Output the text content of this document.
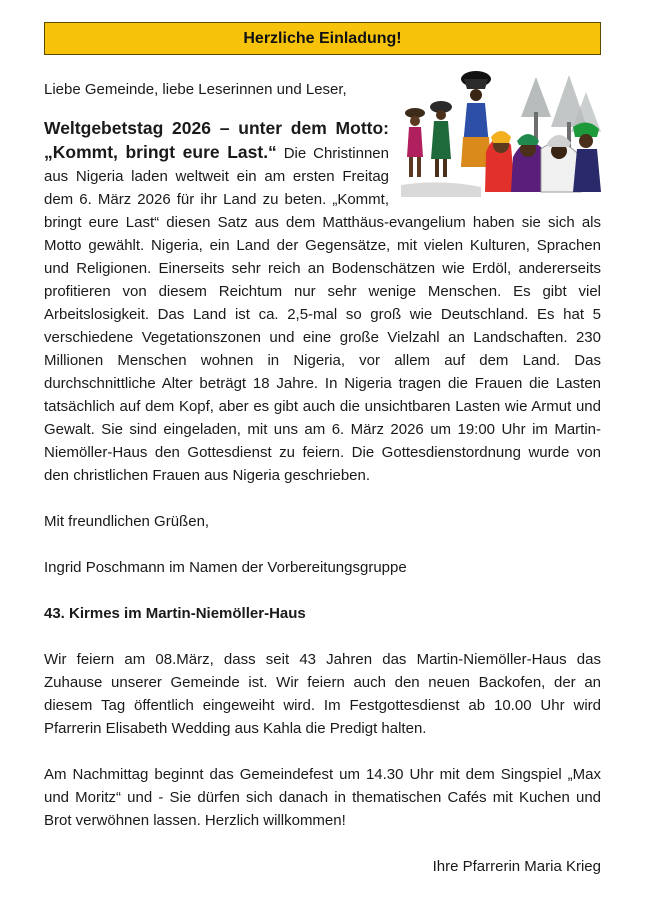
Herzliche Einladung!

Liebe Gemeinde, liebe Leserinnen und Leser,

Weltgebetstag 2026 – unter dem Motto: „Kommt, bringt eure Last.“ Die Christinnen aus Nigeria laden weltweit ein am ersten Freitag dem 6. März 2026 für ihr Land zu beten. „Kommt, bringt eure Last“ diesen Satz aus dem Matthäus-evangelium haben sie sich als Motto gewählt. Nigeria, ein Land der Gegensätze, mit vielen Kulturen, Sprachen und Religionen. Einerseits sehr reich an Bodenschätzen wie Erdöl, andererseits profitieren von diesem Reichtum nur sehr wenige Menschen. Es gibt viel Arbeitslosigkeit. Das Land ist ca. 2,5-mal so groß wie Deutschland. Es hat 5 verschiedene Vegetationszonen und eine große Vielzahl an Landschaften. 230 Millionen Menschen wohnen in Nigeria, vor allem auf dem Land. Das durchschnittliche Alter beträgt 18 Jahre. In Nigeria tragen die Frauen die Lasten tatsächlich auf dem Kopf, aber es gibt auch die unsichtbaren Lasten wie Armut und Gewalt. Sie sind eingeladen, mit uns am 6. März 2026 um 19:00 Uhr im Martin-Niemöller-Haus den Gottesdienst zu feiern. Die Gottesdienstordnung wurde von den christlichen Frauen aus Nigeria geschrieben.

Mit freundlichen Grüßen,

Ingrid Poschmann im Namen der Vorbereitungsgruppe

43. Kirmes im Martin-Niemöller-Haus

Wir feiern am 08.März, dass seit 43 Jahren das Martin-Niemöller-Haus das Zuhause unserer Gemeinde ist. Wir feiern auch den neuen Backofen, der an diesem Tag öffentlich eingeweiht wird. Im Festgottesdienst ab 10.00 Uhr wird Pfarrerin Elisabeth Wedding aus Kahla die Predigt halten.

Am Nachmittag beginnt das Gemeindefest um 14.30 Uhr mit dem Singspiel „Max und Moritz“ und - Sie dürfen sich danach in thematischen Cafés mit Kuchen und Brot verwöhnen lassen. Herzlich willkommen!

Ihre Pfarrerin Maria Krieg
